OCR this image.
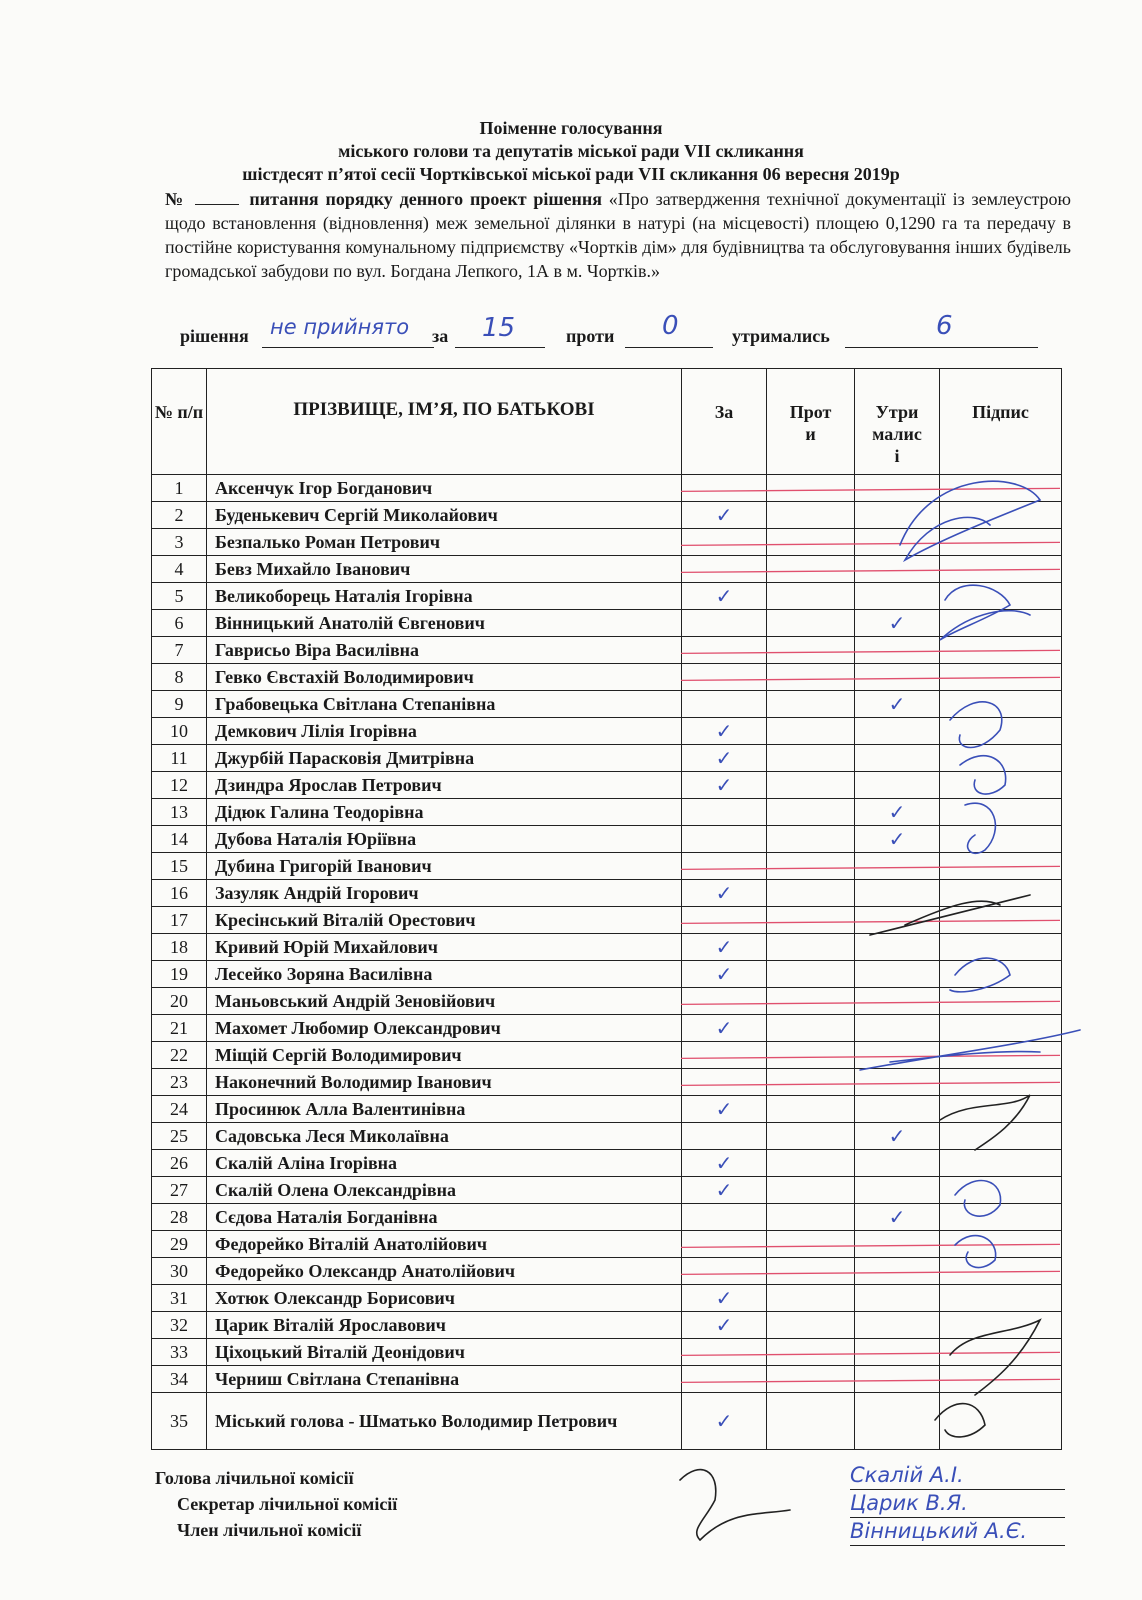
Поіменне голосування
міського голови та депутатів міської ради VII скликання
шістдесят п’ятої сесії Чортківської міської ради VII скликання 06 вересня 2019р
№	питання порядку денного проект рішення «Про затвердження технічної документації із землеустрою щодо встановлення (відновлення) меж земельної ділянки в натурі (на місцевості) площею 0,1290 га та передачу в постійне користування комунальному підприємству «Чортків дім» для будівництва та обслуговування інших будівель громадської забудови по вул. Богдана Лепкого, 1А в м. Чортків.»
рішення не прийнято за 15	проти 0	утримались	6
№ п/п	ПРІЗВИЩЕ, ІМ’Я, ПО БАТЬКОВІ	За	Проти	Утрималисі	Підпис

1	Аксенчук Ігор Богданович				
2	Буденькевич Сергій Миколайович	✓			
3	Безпалько Роман Петрович				
4	Бевз Михайло Іванович				
5	Великоборець Наталія Ігорівна	✓			
6	Вінницький Анатолій Євгенович			✓	
7	Гаврисьо Віра Василівна				
8	Гевко Євстахій Володимирович				
9	Грабовецька Світлана Степанівна			✓	
10	Демкович Лілія Ігорівна	✓			
11	Джурбій Парасковія Дмитрівна	✓			
12	Дзиндра Ярослав Петрович	✓			
13	Дідюк Галина Теодорівна			✓	
14	Дубова Наталія Юріївна			✓	
15	Дубина Григорій Іванович				
16	Зазуляк Андрій Ігорович	✓			
17	Кресінський Віталій Орестович				
18	Кривий Юрій Михайлович	✓			
19	Лесейко Зоряна Василівна	✓			
20	Маньовський Андрій Зеновійович				
21	Махомет Любомир Олександрович	✓			
22	Міщій Сергій Володимирович				
23	Наконечний Володимир Іванович				
24	Просинюк Алла Валентинівна	✓			
25	Садовська Леся Миколаївна			✓	
26	Скалій Аліна Ігорівна	✓			
27	Скалій Олена Олександрівна	✓			
28	Сєдова Наталія Богданівна			✓	
29	Федорейко Віталій Анатолійович				
30	Федорейко Олександр Анатолійович				
31	Хотюк Олександр Борисович	✓			
32	Царик Віталій Ярославович	✓			
33	Ціхоцький Віталій Деонідович				
34	Черниш Світлана Степанівна				
35	Міський голова - Шматько Володимир Петрович	✓			
Голова лічильної комісії
Секретар лічильної комісії
Член лічильної комісії
Скалій А.І.
Царик В.Я.
Вінницький А.Є.
